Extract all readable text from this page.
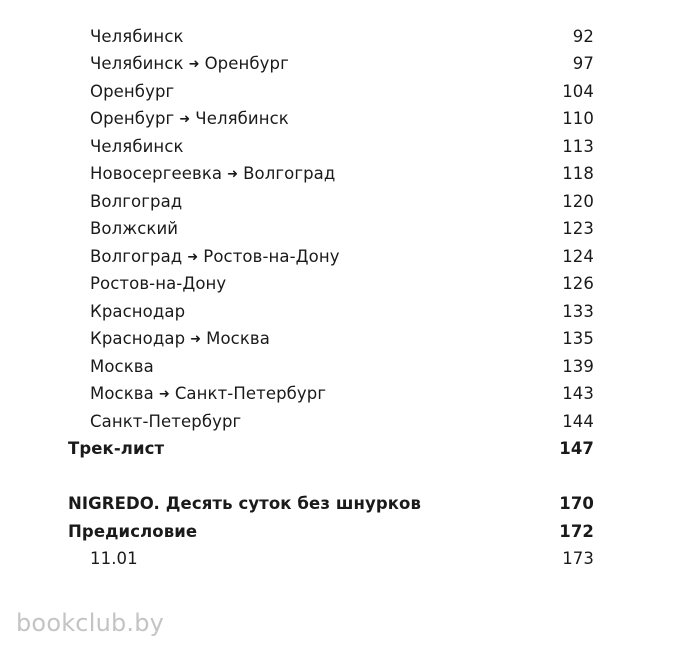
Челябинск	92
Челябинск ➜ Оренбург	97
Оренбург	104
Оренбург ➜ Челябинск	110
Челябинск	113
Новосергеевка ➜ Волгоград	118
Волгоград	120
Волжский	123
Волгоград ➜ Ростов-на-Дону	124
Ростов-на-Дону	126
Краснодар	133
Краснодар ➜ Москва	135
Москва	139
Москва ➜ Санкт-Петербург	143
Санкт-Петербург	144
Трек-лист	147
NIGREDO. Десять суток без шнурков	170
Предисловие	172
11.01	173
bookclub.by
